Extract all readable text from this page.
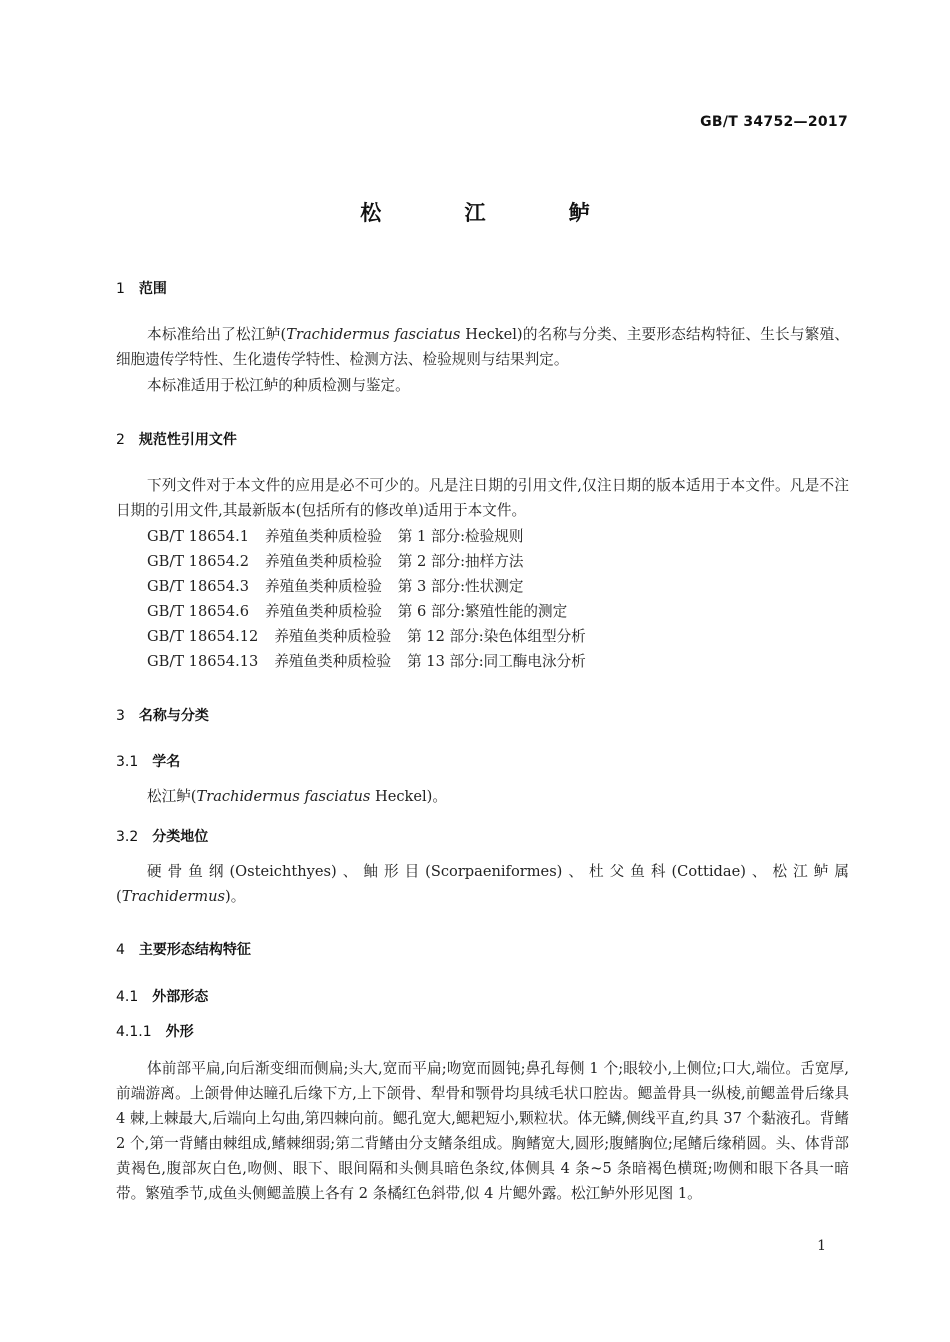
GB/T 34752—2017
松 江 鲈
1 范围
本标准给出了松江鲈(Trachidermus fasciatus Heckel)的名称与分类、主要形态结构特征、生长与繁殖、细胞遗传学特性、生化遗传学特性、检测方法、检验规则与结果判定。
本标准适用于松江鲈的种质检测与鉴定。
2 规范性引用文件
下列文件对于本文件的应用是必不可少的。凡是注日期的引用文件,仅注日期的版本适用于本文件。凡是不注日期的引用文件,其最新版本(包括所有的修改单)适用于本文件。
GB/T 18654.1 养殖鱼类种质检验 第 1 部分:检验规则
GB/T 18654.2 养殖鱼类种质检验 第 2 部分:抽样方法
GB/T 18654.3 养殖鱼类种质检验 第 3 部分:性状测定
GB/T 18654.6 养殖鱼类种质检验 第 6 部分:繁殖性能的测定
GB/T 18654.12 养殖鱼类种质检验 第 12 部分:染色体组型分析
GB/T 18654.13 养殖鱼类种质检验 第 13 部分:同工酶电泳分析
3 名称与分类
3.1 学名
松江鲈(Trachidermus fasciatus Heckel)。
3.2 分类地位
硬骨鱼纲(Osteichthyes)、鲉形目(Scorpaeniformes)、杜父鱼科(Cottidae)、松江鲈属(Trachidermus)。
4 主要形态结构特征
4.1 外部形态
4.1.1 外形
体前部平扁,向后渐变细而侧扁;头大,宽而平扁;吻宽而圆钝;鼻孔每侧 1 个;眼较小,上侧位;口大,端位。舌宽厚,前端游离。上颌骨伸达瞳孔后缘下方,上下颌骨、犁骨和颚骨均具绒毛状口腔齿。鳃盖骨具一纵棱,前鳃盖骨后缘具 4 棘,上棘最大,后端向上勾曲,第四棘向前。鳃孔宽大,鳃耙短小,颗粒状。体无鳞,侧线平直,约具 37 个黏液孔。背鳍 2 个,第一背鳍由棘组成,鳍棘细弱;第二背鳍由分支鳍条组成。胸鳍宽大,圆形;腹鳍胸位;尾鳍后缘稍圆。头、体背部黄褐色,腹部灰白色,吻侧、眼下、眼间隔和头侧具暗色条纹,体侧具 4 条~5 条暗褐色横斑;吻侧和眼下各具一暗带。繁殖季节,成鱼头侧鳃盖膜上各有 2 条橘红色斜带,似 4 片鳃外露。松江鲈外形见图 1。
1
